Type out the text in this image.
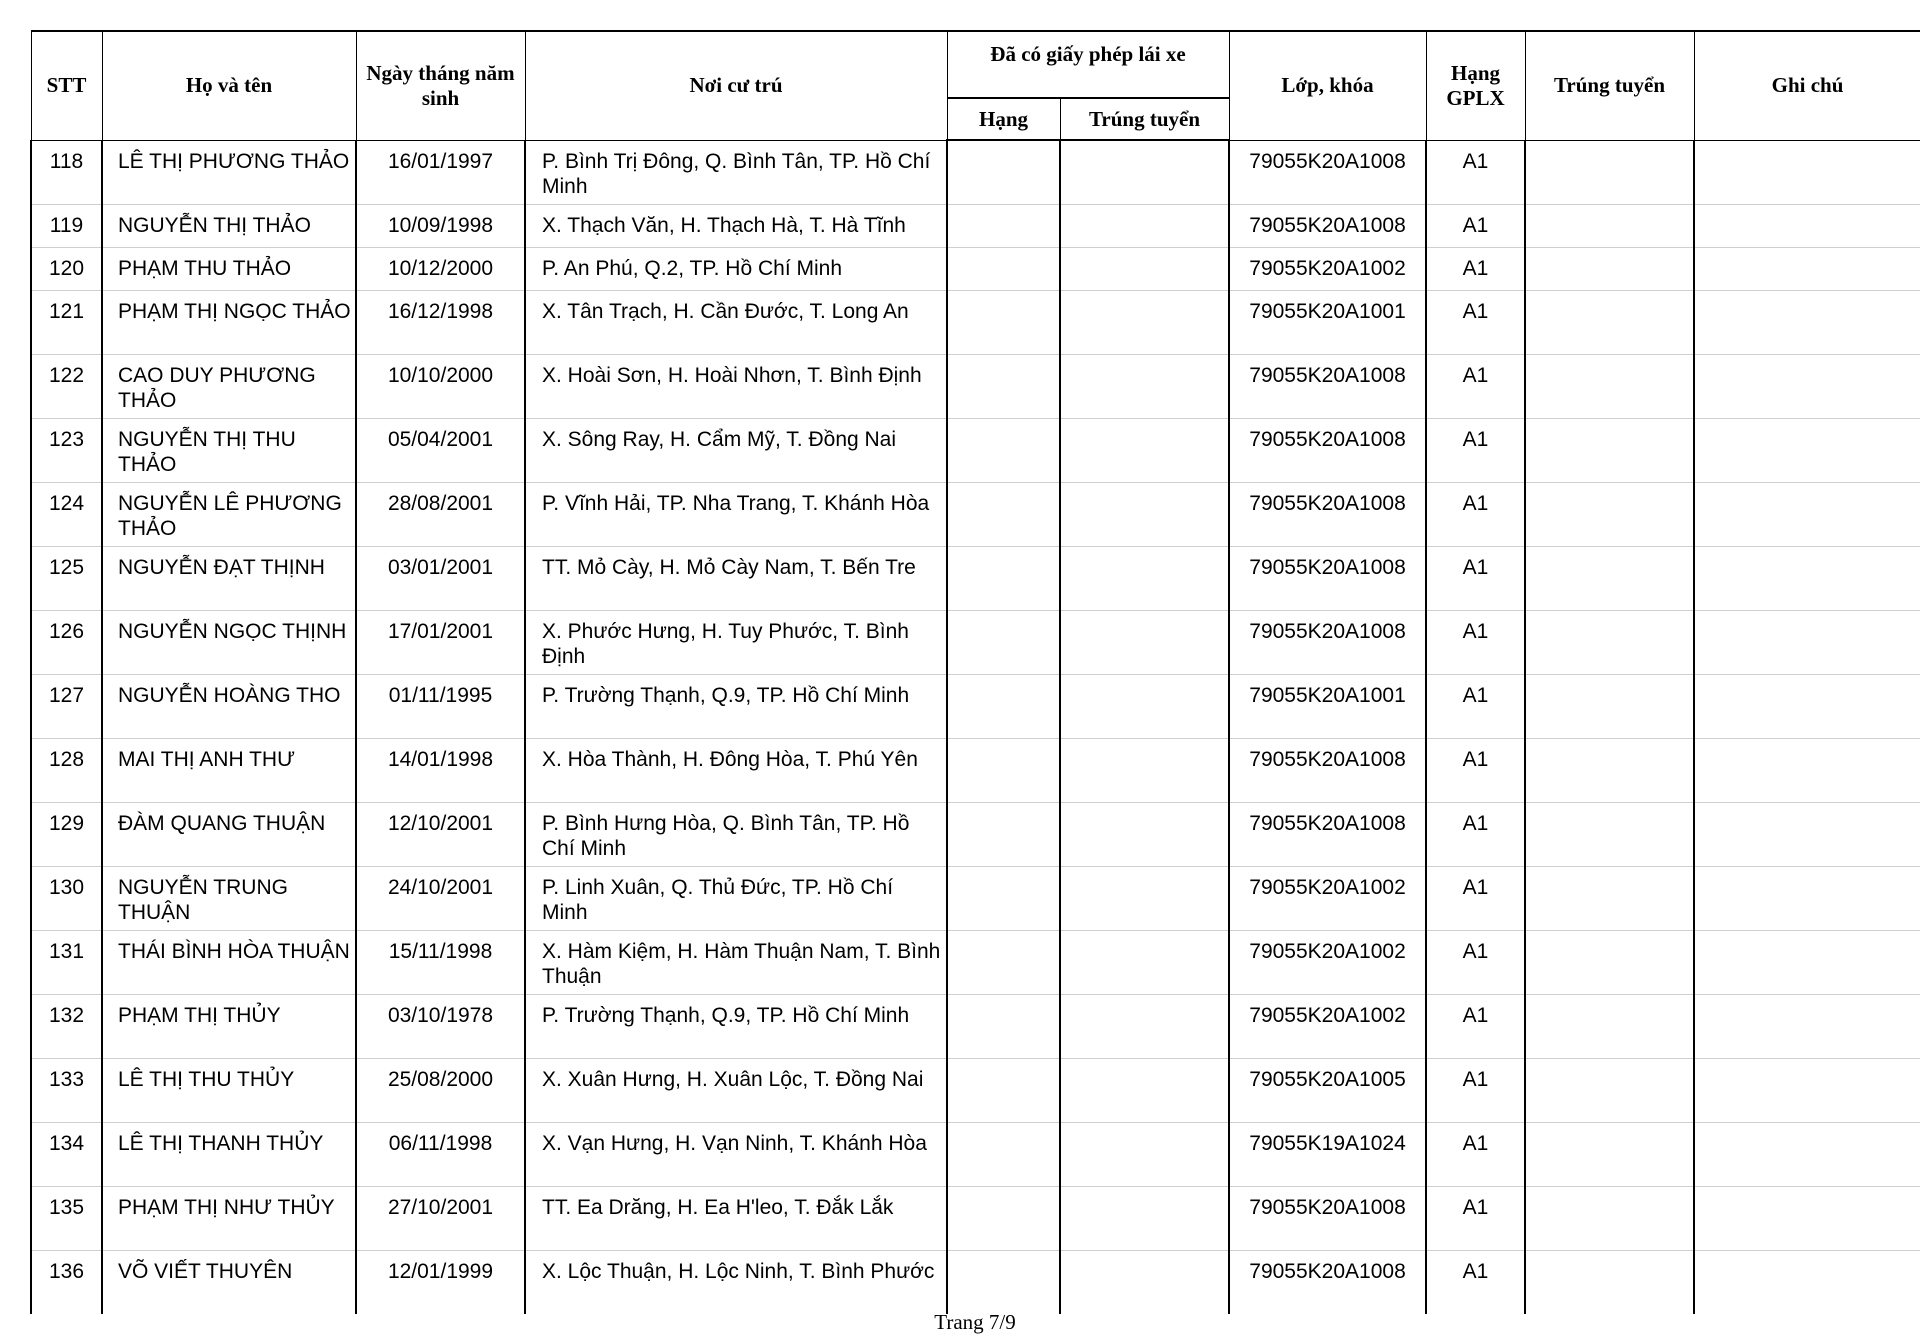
STT	Họ và tên	Ngày tháng năm sinh	Nơi cư trú	Đã có giấy phép lái xe		Lớp, khóa	Hạng GPLX	Trúng tuyển	Ghi chú
				Hạng	Trúng tuyển				
118	LÊ THỊ PHƯƠNG THẢO	16/01/1997	P. Bình Trị Đông, Q. Bình Tân, TP. Hồ Chí Minh			79055K20A1008	A1		
119	NGUYỄN THỊ THẢO	10/09/1998	X. Thạch Văn, H. Thạch Hà, T. Hà Tĩnh			79055K20A1008	A1		
120	PHẠM THU THẢO	10/12/2000	P. An Phú, Q.2, TP. Hồ Chí Minh			79055K20A1002	A1		
121	PHẠM THỊ NGỌC THẢO	16/12/1998	X. Tân Trạch, H. Cần Đước, T. Long An			79055K20A1001	A1		
122	CAO DUY PHƯƠNG THẢO	10/10/2000	X. Hoài Sơn, H. Hoài Nhơn, T. Bình Định			79055K20A1008	A1		
123	NGUYỄN THỊ THU THẢO	05/04/2001	X. Sông Ray, H. Cẩm Mỹ, T. Đồng Nai			79055K20A1008	A1		
124	NGUYỄN LÊ PHƯƠNG THẢO	28/08/2001	P. Vĩnh Hải, TP. Nha Trang, T. Khánh Hòa			79055K20A1008	A1		
125	NGUYỄN ĐẠT THỊNH	03/01/2001	TT. Mỏ Cày, H. Mỏ Cày Nam, T. Bến Tre			79055K20A1008	A1		
126	NGUYỄN NGỌC THỊNH	17/01/2001	X. Phước Hưng, H. Tuy Phước, T. Bình Định			79055K20A1008	A1		
127	NGUYỄN HOÀNG THO	01/11/1995	P. Trường Thạnh, Q.9, TP. Hồ Chí Minh			79055K20A1001	A1		
128	MAI THỊ ANH THƯ	14/01/1998	X. Hòa Thành, H. Đông Hòa, T. Phú Yên			79055K20A1008	A1		
129	ĐÀM QUANG THUẬN	12/10/2001	P. Bình Hưng Hòa, Q. Bình Tân, TP. Hồ Chí Minh			79055K20A1008	A1		
130	NGUYỄN TRUNG THUẬN	24/10/2001	P. Linh Xuân, Q. Thủ Đức, TP. Hồ Chí Minh			79055K20A1002	A1		
131	THÁI BÌNH HÒA THUẬN	15/11/1998	X. Hàm Kiệm, H. Hàm Thuận Nam, T. Bình Thuận			79055K20A1002	A1		
132	PHẠM THỊ THỦY	03/10/1978	P. Trường Thạnh, Q.9, TP. Hồ Chí Minh			79055K20A1002	A1		
133	LÊ THỊ THU THỦY	25/08/2000	X. Xuân Hưng, H. Xuân Lộc, T. Đồng Nai			79055K20A1005	A1		
134	LÊ THỊ THANH THỦY	06/11/1998	X. Vạn Hưng, H. Vạn Ninh, T. Khánh Hòa			79055K19A1024	A1		
135	PHẠM THỊ NHƯ THỦY	27/10/2001	TT. Ea Drăng, H. Ea H'leo, T. Đắk Lắk			79055K20A1008	A1		
136	VÕ VIẾT THUYÊN	12/01/1999	X. Lộc Thuận, H. Lộc Ninh, T. Bình Phước			79055K20A1008	A1		
Trang 7/9
